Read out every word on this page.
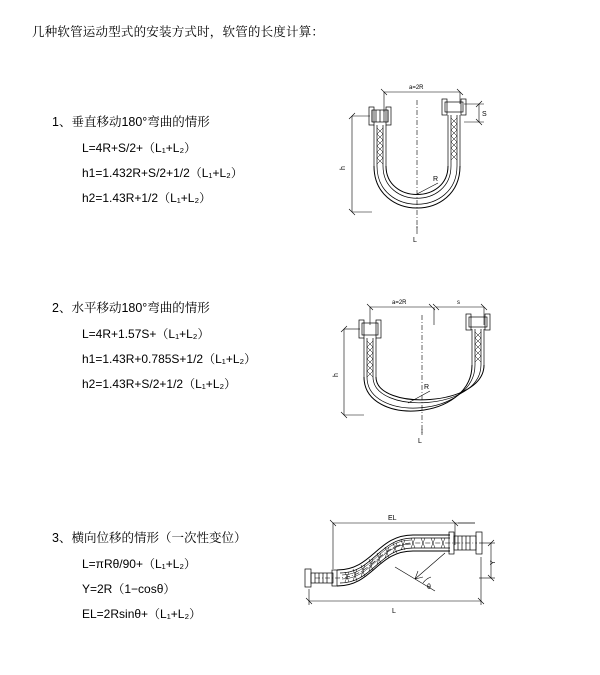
几种软管运动型式的安装方式时，软管的长度计算：
1、垂直移动180°弯曲的情形
L=4R+S/2+（L₁+L₂）
h1=1.432R+S/2+1/2（L₁+L₂）
h2=1.43R+1/2（L₁+L₂）
a=2R
R
h
S
L
2、水平移动180°弯曲的情形
L=4R+1.57S+（L₁+L₂）
h1=1.43R+0.785S+1/2（L₁+L₂）
h2=1.43R+S/2+1/2（L₁+L₂）
a=2R	s
R
h
L
3、横向位移的情形（一次性变位）
L=πRθ/90+（L₁+L₂）
Y=2R（1−cosθ）
EL=2Rsinθ+（L₁+L₂）
EL
Y
θ
L
